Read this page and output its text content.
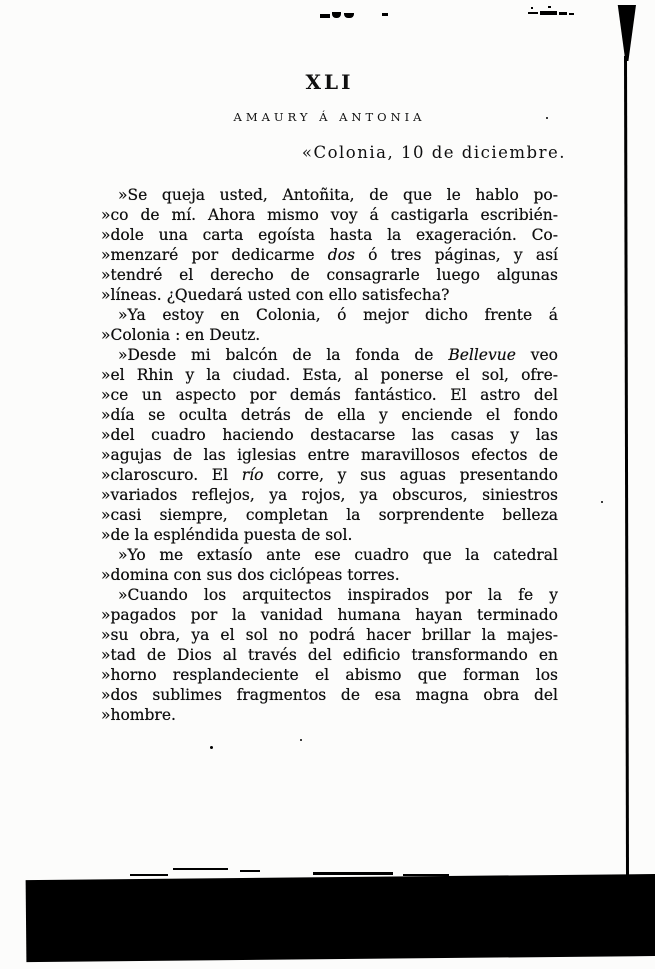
XLI
AMAURY Á ANTONIA
«Colonia, 10 de diciembre.
»Se queja usted, Antoñita, de que le hablo po-
»co de mí. Ahora mismo voy á castigarla escribién-
»dole una carta egoísta hasta la exageración. Co-
»menzaré por dedicarme dos ó tres páginas, y así
»tendré el derecho de consagrarle luego algunas
»líneas. ¿Quedará usted con ello satisfecha?
»Ya estoy en Colonia, ó mejor dicho frente á
»Colonia : en Deutz.
»Desde mi balcón de la fonda de Bellevue veo
»el Rhin y la ciudad. Esta, al ponerse el sol, ofre-
»ce un aspecto por demás fantástico. El astro del
»día se oculta detrás de ella y enciende el fondo
»del cuadro haciendo destacarse las casas y las
»agujas de las iglesias entre maravillosos efectos de
»claroscuro. El río corre, y sus aguas presentando
»variados reflejos, ya rojos, ya obscuros, siniestros
»casi siempre, completan la sorprendente belleza
»de la espléndida puesta de sol.
»Yo me extasío ante ese cuadro que la catedral
»domina con sus dos ciclópeas torres.
»Cuando los arquitectos inspirados por la fe y
»pagados por la vanidad humana hayan terminado
»su obra, ya el sol no podrá hacer brillar la majes-
»tad de Dios al través del edificio transformando en
»horno resplandeciente el abismo que forman los
»dos sublimes fragmentos de esa magna obra del
»hombre.
